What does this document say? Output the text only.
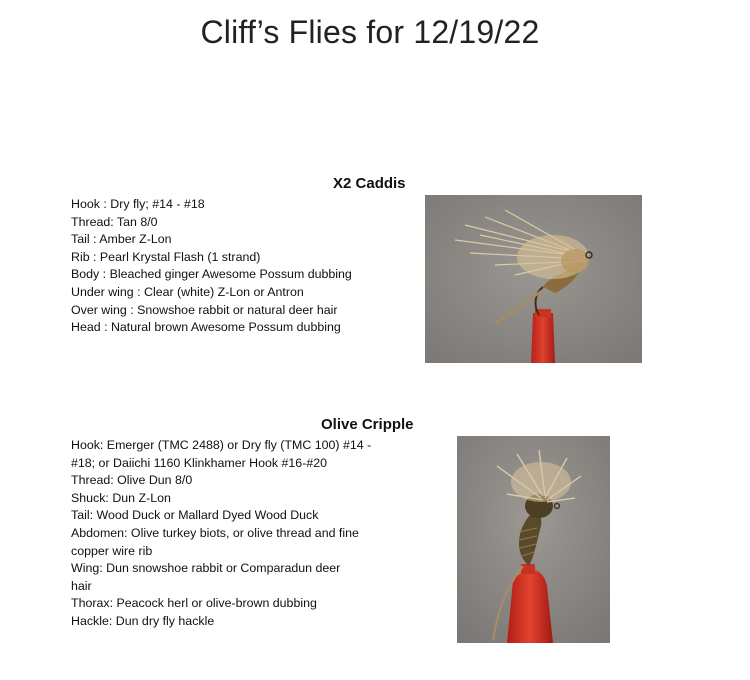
Cliff’s Flies for 12/19/22
X2 Caddis
Hook : Dry fly; #14 - #18
Thread: Tan 8/0
Tail : Amber Z-Lon
Rib : Pearl Krystal Flash (1 strand)
Body : Bleached ginger Awesome Possum dubbing
Under wing : Clear (white) Z-Lon or Antron
Over wing : Snowshoe rabbit or natural deer hair
Head : Natural brown Awesome Possum dubbing
Olive Cripple
Hook: Emerger (TMC 2488) or Dry fly (TMC 100) #14 -
#18; or Daiichi 1160 Klinkhamer Hook #16-#20
Thread: Olive Dun 8/0
Shuck: Dun Z-Lon
Tail: Wood Duck or Mallard Dyed Wood Duck
Abdomen: Olive turkey biots, or olive thread and fine
copper wire rib
Wing: Dun snowshoe rabbit or Comparadun deer
hair
Thorax: Peacock herl or olive-brown dubbing
Hackle: Dun dry fly hackle
